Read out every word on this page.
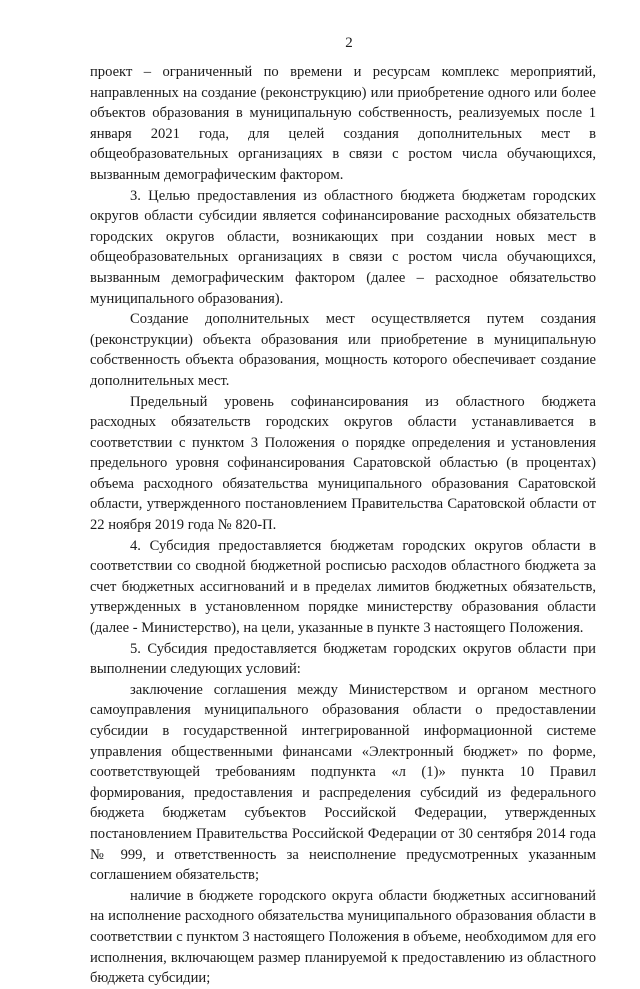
2

проект – ограниченный по времени и ресурсам комплекс мероприятий, направленных на создание (реконструкцию) или приобретение одного или более объектов образования в муниципальную собственность, реализуемых после 1 января 2021 года, для целей создания дополнительных мест в общеобразовательных организациях в связи с ростом числа обучающихся, вызванным демографическим фактором.

3. Целью предоставления из областного бюджета бюджетам городских округов области субсидии является софинансирование расходных обязательств городских округов области, возникающих при создании новых мест в общеобразовательных организациях в связи с ростом числа обучающихся, вызванным демографическим фактором (далее – расходное обязательство муниципального образования).

Создание дополнительных мест осуществляется путем создания (реконструкции) объекта образования или приобретение в муниципальную собственность объекта образования, мощность которого обеспечивает создание дополнительных мест.

Предельный уровень софинансирования из областного бюджета расходных обязательств городских округов области устанавливается в соответствии с пунктом 3 Положения о порядке определения и установления предельного уровня софинансирования Саратовской областью (в процентах) объема расходного обязательства муниципального образования Саратовской области, утвержденного постановлением Правительства Саратовской области от 22 ноября 2019 года № 820-П.

4. Субсидия предоставляется бюджетам городских округов области в соответствии со сводной бюджетной росписью расходов областного бюджета за счет бюджетных ассигнований и в пределах лимитов бюджетных обязательств, утвержденных в установленном порядке министерству образования области (далее - Министерство), на цели, указанные в пункте 3 настоящего Положения.

5. Субсидия предоставляется бюджетам городских округов области при выполнении следующих условий:

заключение соглашения между Министерством и органом местного самоуправления муниципального образования области о предоставлении субсидии в государственной интегрированной информационной системе управления общественными финансами «Электронный бюджет» по форме, соответствующей требованиям подпункта «л (1)» пункта 10 Правил формирования, предоставления и распределения субсидий из федерального бюджета бюджетам субъектов Российской Федерации, утвержденных постановлением Правительства Российской Федерации от 30 сентября 2014 года № 999, и ответственность за неисполнение предусмотренных указанным соглашением обязательств;

наличие в бюджете городского округа области бюджетных ассигнований на исполнение расходного обязательства муниципального образования области в соответствии с пунктом 3 настоящего Положения в объеме, необходимом для его исполнения, включающем размер планируемой к предоставлению из областного бюджета субсидии;
